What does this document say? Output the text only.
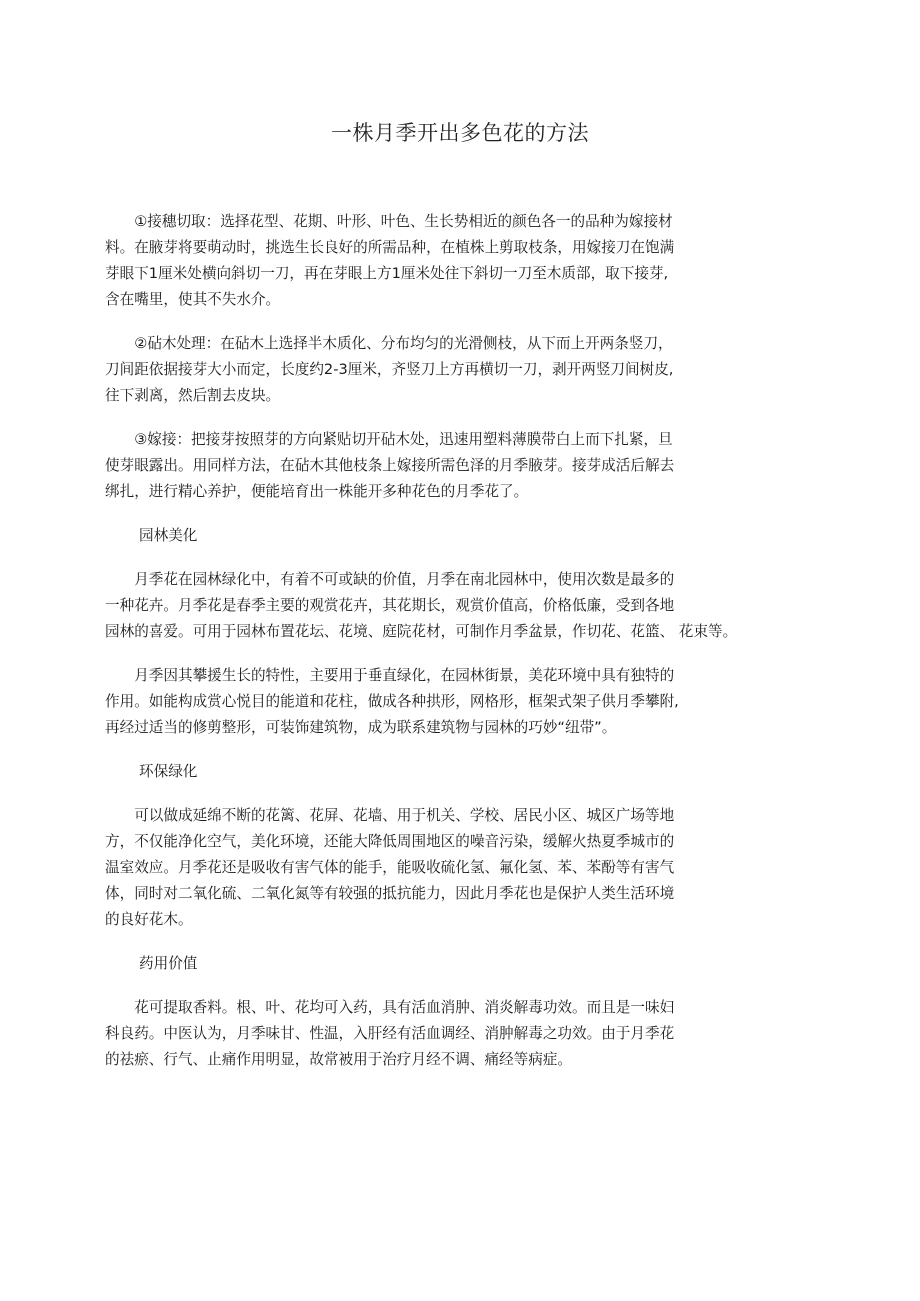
一株月季开出多色花的方法
　　①接穗切取：选择花型、花期、叶形、叶色、生长势相近的颜色各一的品种为嫁接材
料。在腋芽将要萌动时，挑选生长良好的所需品种，在植株上剪取枝条，用嫁接刀在饱满
芽眼下1厘米处横向斜切一刀，再在芽眼上方1厘米处往下斜切一刀至木质部，取下接芽,
含在嘴里，使其不失水介。
　　②砧木处理：在砧木上选择半木质化、分布均匀的光滑侧枝，从下而上开两条竖刀，
刀间距依据接芽大小而定，长度约2-3厘米，齐竖刀上方再横切一刀，剥开两竖刀间树皮,
往下剥离，然后割去皮块。
　　③嫁接：把接芽按照芽的方向紧贴切开砧木处，迅速用塑料薄膜带白上而下扎紧，旦
使芽眼露出。用同样方法，在砧木其他枝条上嫁接所需色泽的月季腋芽。接芽成活后解去
绑扎，进行精心养护，便能培育出一株能开多种花色的月季花了。
园林美化
　　月季花在园林绿化中，有着不可或缺的价值，月季在南北园林中，使用次数是最多的
一种花卉。月季花是春季主要的观赏花卉，其花期长，观赏价值高，价格低廉，受到各地
园林的喜爱。可用于园林布置花坛、花境、庭院花材，可制作月季盆景，作切花、花篮、 花束等。
　　月季因其攀援生长的特性，主要用于垂直绿化，在园林街景，美花环境中具有独特的
作用。如能构成赏心悦目的能道和花柱，做成各种拱形，网格形，框架式架子供月季攀附,
再经过适当的修剪整形，可装饰建筑物，成为联系建筑物与园林的巧妙“纽带”。
环保绿化
　　可以做成延绵不断的花篱、花屏、花墙、用于机关、学校、居民小区、城区广场等地
方，不仅能净化空气，美化环境，还能大降低周围地区的噪音污染，缓解火热夏季城市的
温室效应。月季花还是吸收有害气体的能手，能吸收硫化氢、氟化氢、苯、苯酚等有害气
体，同时对二氧化硫、二氧化氮等有较强的抵抗能力，因此月季花也是保护人类生活环境
的良好花木。
药用价值
　　花可提取香料。根、叶、花均可入药，具有活血消肿、消炎解毒功效。而且是一味妇
科良药。中医认为，月季味甘、性温，入肝经有活血调经、消肿解毒之功效。由于月季花
的祛瘀、行气、止痛作用明显，故常被用于治疗月经不调、痛经等病症。
